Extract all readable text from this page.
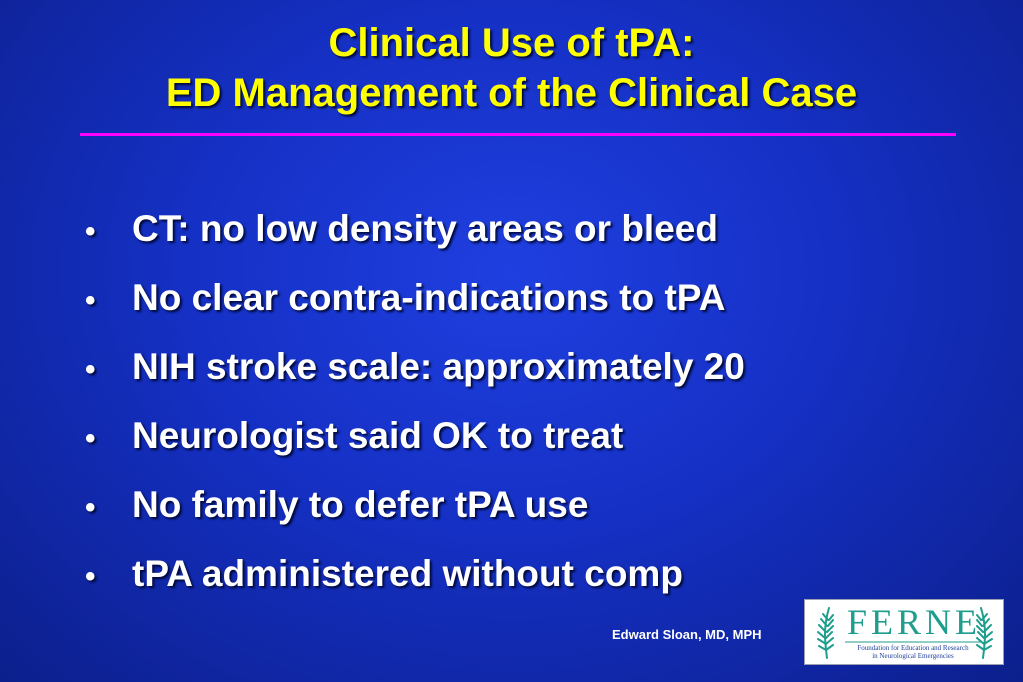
Clinical Use of tPA:
ED Management of the Clinical Case
• CT: no low density areas or bleed
• No clear contra-indications to tPA
• NIH stroke scale: approximately 20
• Neurologist said OK to treat
• No family to defer tPA use
• tPA administered without comp
Edward Sloan, MD, MPH FERNE
Foundation for Education and Research
in Neurological Emergencies
